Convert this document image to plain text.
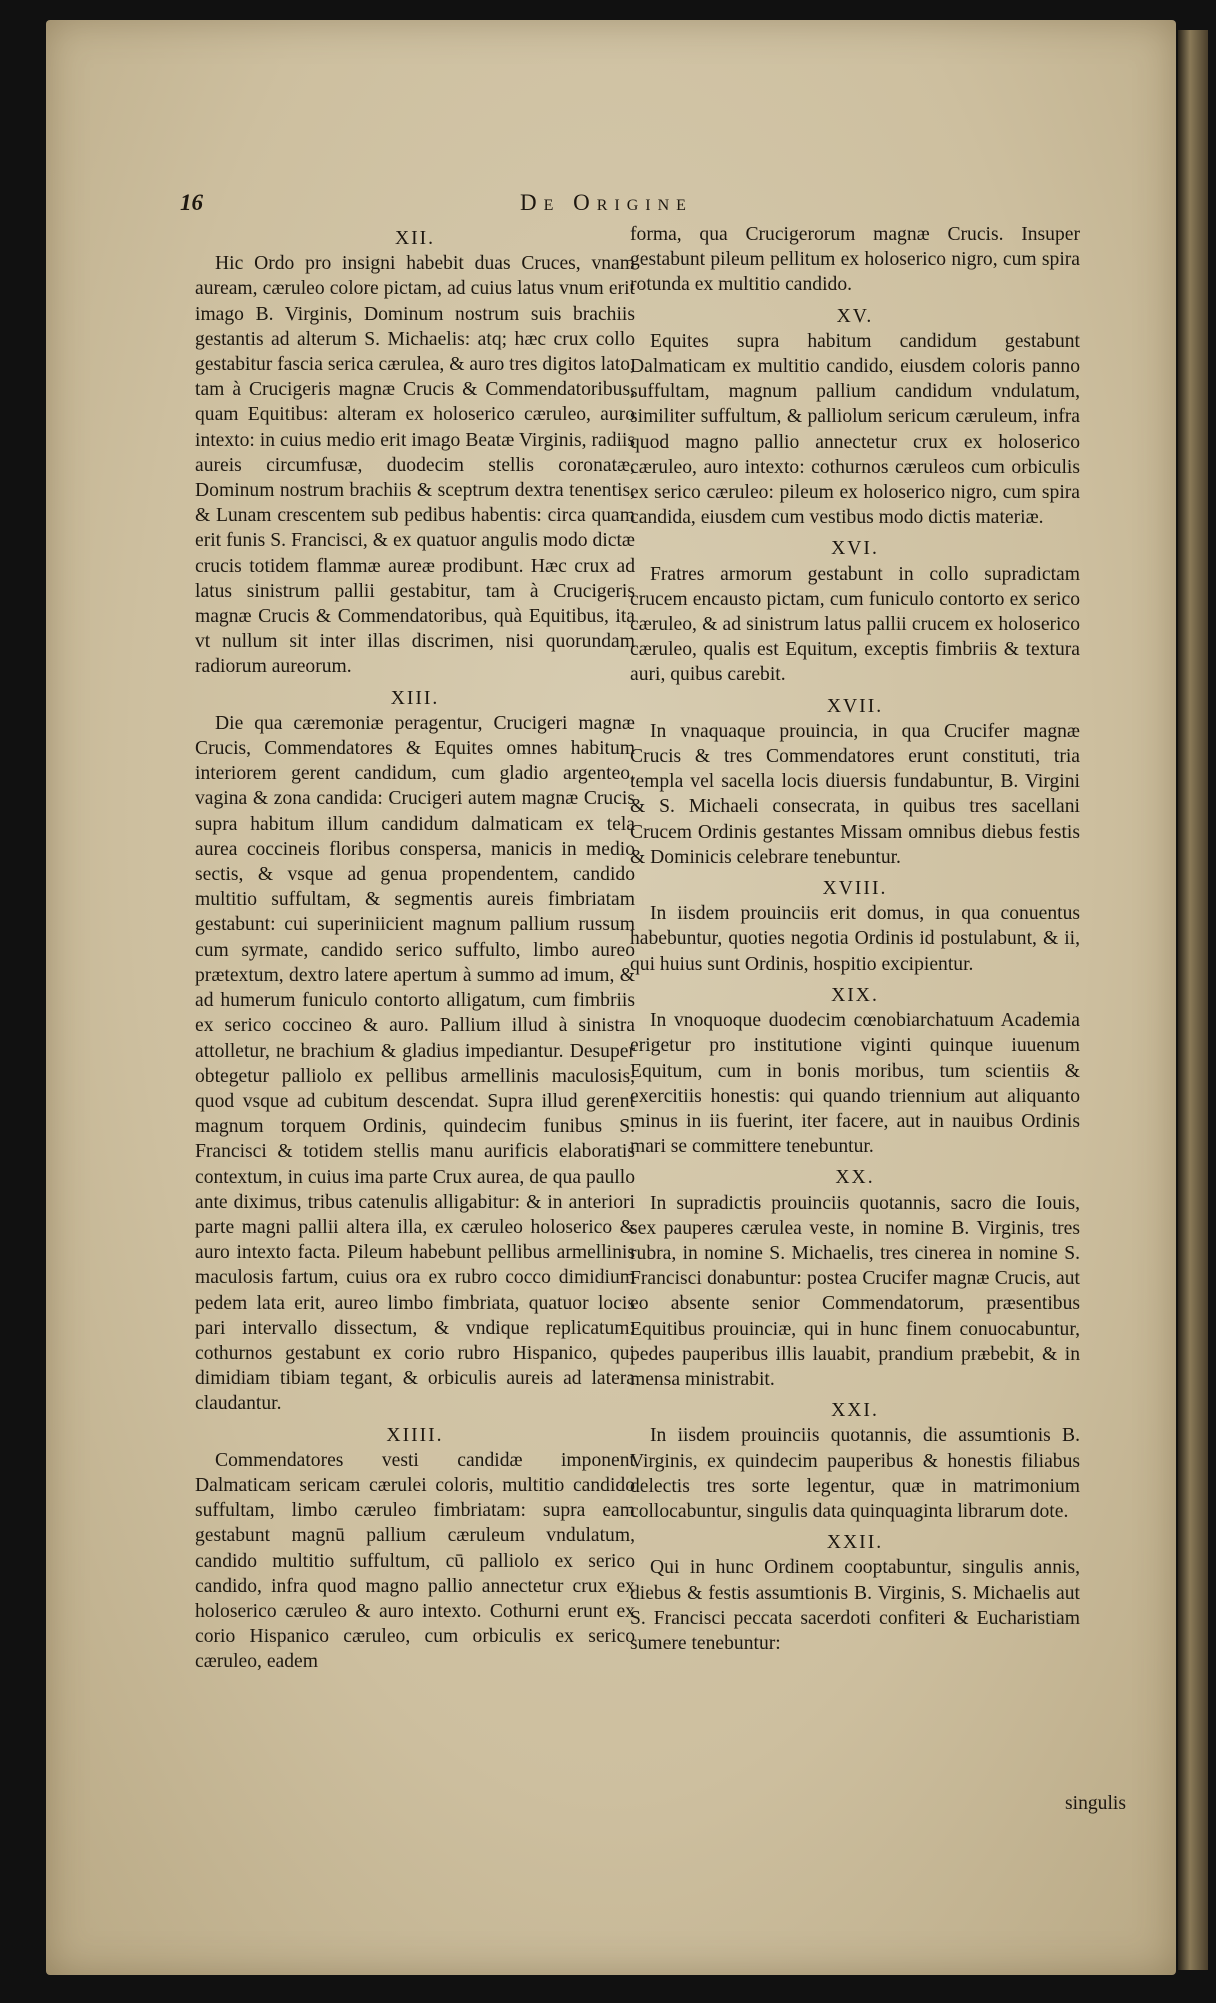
16	De Origine

XII.

Hic Ordo pro insigni habebit duas Cruces, vnam auream, cæruleo colore pictam, ad cuius latus vnum erit imago B. Virginis, Dominum nostrum suis brachiis gestantis ad alterum S. Michaelis: atq; hæc crux collo gestabitur fascia serica cærulea, & auro tres digitos lato, tam à Crucigeris magnæ Crucis & Commendatoribus, quam Equitibus: alteram ex holoserico cæruleo, auro intexto: in cuius medio erit imago Beatæ Virginis, radiis aureis circumfusæ, duodecim stellis coronatæ, Dominum nostrum brachiis & sceptrum dextra tenentis, & Lunam crescentem sub pedibus habentis: circa quam erit funis S. Francisci, & ex quatuor angulis modo dictæ crucis totidem flammæ aureæ prodibunt. Hæc crux ad latus sinistrum pallii gestabitur, tam à Crucigeris magnæ Crucis & Commendatoribus, quà Equitibus, ita vt nullum sit inter illas discrimen, nisi quorundam radiorum aureorum.

XIII.

Die qua cæremoniæ peragentur, Crucigeri magnæ Crucis, Commendatores & Equites omnes habitum interiorem gerent candidum, cum gladio argenteo, vagina & zona candida: Crucigeri autem magnæ Crucis supra habitum illum candidum dalmaticam ex tela aurea coccineis floribus conspersa, manicis in medio sectis, & vsque ad genua propendentem, candido multitio suffultam, & segmentis aureis fimbriatam gestabunt: cui superiniicient magnum pallium russum cum syrmate, candido serico suffulto, limbo aureo prætextum, dextro latere apertum à summo ad imum, & ad humerum funiculo contorto alligatum, cum fimbriis ex serico coccineo & auro. Pallium illud à sinistra attolletur, ne brachium & gladius impediantur. Desuper obtegetur palliolo ex pellibus armellinis maculosis, quod vsque ad cubitum descendat. Supra illud gerent magnum torquem Ordinis, quindecim funibus S. Francisci & totidem stellis manu aurificis elaboratis contextum, in cuius ima parte Crux aurea, de qua paullo ante diximus, tribus catenulis alligabitur: & in anteriori parte magni pallii altera illa, ex cæruleo holoserico & auro intexto facta. Pileum habebunt pellibus armellinis maculosis fartum, cuius ora ex rubro cocco dimidium pedem lata erit, aureo limbo fimbriata, quatuor locis pari intervallo dissectum, & vndique replicatum: cothurnos gestabunt ex corio rubro Hispanico, qui dimidiam tibiam tegant, & orbiculis aureis ad latera claudantur.

XIIII.

Commendatores vesti candidæ imponent Dalmaticam sericam cærulei coloris, multitio candido suffultam, limbo cæruleo fimbriatam: supra eam gestabunt magnū pallium cæruleum vndulatum, candido multitio suffultum, cū palliolo ex serico candido, infra quod magno pallio annectetur crux ex holoserico cæruleo & auro intexto. Cothurni erunt ex corio Hispanico cæruleo, cum orbiculis ex serico cæruleo, eadem

forma, qua Crucigerorum magnæ Crucis. Insuper gestabunt pileum pellitum ex holoserico nigro, cum spira rotunda ex multitio candido.

XV.

Equites supra habitum candidum gestabunt Dalmaticam ex multitio candido, eiusdem coloris panno suffultam, magnum pallium candidum vndulatum, similiter suffultum, & palliolum sericum cæruleum, infra quod magno pallio annectetur crux ex holoserico cæruleo, auro intexto: cothurnos cæruleos cum orbiculis ex serico cæruleo: pileum ex holoserico nigro, cum spira candida, eiusdem cum vestibus modo dictis materiæ.

XVI.

Fratres armorum gestabunt in collo supradictam crucem encausto pictam, cum funiculo contorto ex serico cæruleo, & ad sinistrum latus pallii crucem ex holoserico cæruleo, qualis est Equitum, exceptis fimbriis & textura auri, quibus carebit.

XVII.

In vnaquaque prouincia, in qua Crucifer magnæ Crucis & tres Commendatores erunt constituti, tria templa vel sacella locis diuersis fundabuntur, B. Virgini & S. Michaeli consecrata, in quibus tres sacellani Crucem Ordinis gestantes Missam omnibus diebus festis & Dominicis celebrare tenebuntur.

XVIII.

In iisdem prouinciis erit domus, in qua conuentus habebuntur, quoties negotia Ordinis id postulabunt, & ii, qui huius sunt Ordinis, hospitio excipientur.

XIX.

In vnoquoque duodecim cœnobiarchatuum Academia erigetur pro institutione viginti quinque iuuenum Equitum, cum in bonis moribus, tum scientiis & exercitiis honestis: qui quando triennium aut aliquanto minus in iis fuerint, iter facere, aut in nauibus Ordinis mari se committere tenebuntur.

XX.

In supradictis prouinciis quotannis, sacro die Iouis, sex pauperes cærulea veste, in nomine B. Virginis, tres rubra, in nomine S. Michaelis, tres cinerea in nomine S. Francisci donabuntur: postea Crucifer magnæ Crucis, aut eo absente senior Commendatorum, præsentibus Equitibus prouinciæ, qui in hunc finem conuocabuntur, pedes pauperibus illis lauabit, prandium præbebit, & in mensa ministrabit.

XXI.

In iisdem prouinciis quotannis, die assumtionis B. Virginis, ex quindecim pauperibus & honestis filiabus delectis tres sorte legentur, quæ in matrimonium collocabuntur, singulis data quinquaginta librarum dote.

XXII.

Qui in hunc Ordinem cooptabuntur, singulis annis, diebus & festis assumtionis B. Virginis, S. Michaelis aut S. Francisci peccata sacerdoti confiteri & Eucharistiam sumere tenebuntur:

singulis
